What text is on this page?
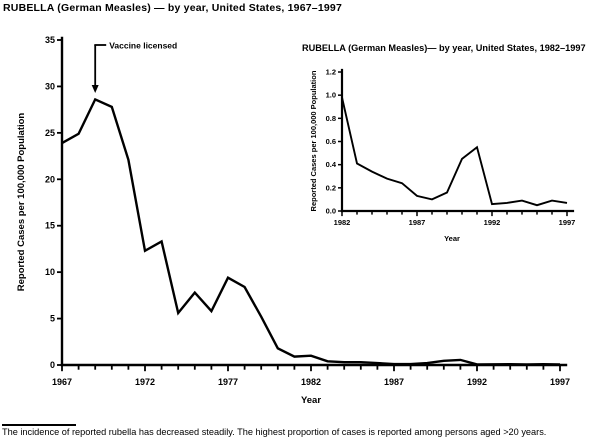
RUBELLA (German Measles) — by year, United States, 1967–1997
RUBELLA (German Measles)— by year, United States, 1982–1997
1967	1972	1977	1982	1987	1992	1997
0
5
10
15
20
25
30
35
Year
Reported Cases per 100,000 Population
Vaccine licensed
1982	1987	1992	1997
0.0
0.2
0.4
0.6
0.8
1.0
1.2
Year
Reported Cases per 100,000 Population
The incidence of reported rubella has decreased steadily. The highest proportion of cases is reported among persons aged >20 years.
